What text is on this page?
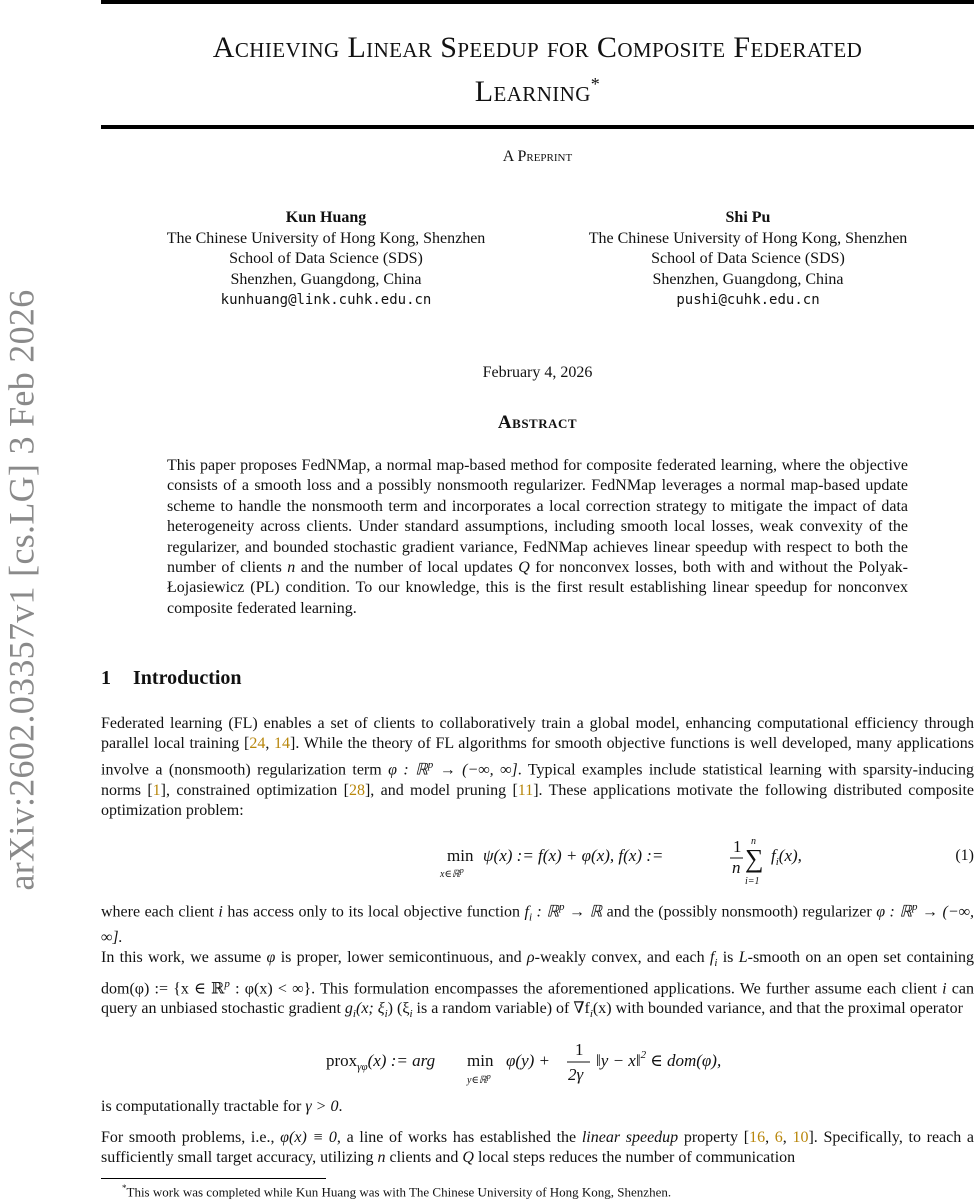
arXiv:2602.03357v1 [cs.LG] 3 Feb 2026
Achieving Linear Speedup for Composite Federated
Learning*
A Preprint
Kun Huang
The Chinese University of Hong Kong, Shenzhen
School of Data Science (SDS)
Shenzhen, Guangdong, China
kunhuang@link.cuhk.edu.cn
Shi Pu
The Chinese University of Hong Kong, Shenzhen
School of Data Science (SDS)
Shenzhen, Guangdong, China
pushi@cuhk.edu.cn
February 4, 2026
Abstract
This paper proposes FedNMap, a normal map-based method for composite federated learning, where the objective consists of a smooth loss and a possibly nonsmooth regularizer. FedNMap leverages a normal map-based update scheme to handle the nonsmooth term and incorporates a local correction strategy to mitigate the impact of data heterogeneity across clients. Under standard assumptions, including smooth local losses, weak convexity of the regularizer, and bounded stochastic gradient variance, FedNMap achieves linear speedup with respect to both the number of clients n and the number of local updates Q for nonconvex losses, both with and without the Polyak-Łojasiewicz (PL) condition. To our knowledge, this is the first result establishing linear speedup for nonconvex composite federated learning.
1 Introduction
Federated learning (FL) enables a set of clients to collaboratively train a global model, enhancing computational efficiency through parallel local training [24, 14]. While the theory of FL algorithms for smooth objective functions is well developed, many applications involve a (nonsmooth) regularization term φ : ℝ$^p$ → (−∞, ∞]. Typical examples include statistical learning with sparsity-inducing norms [1], constrained optimization [28], and model pruning [11]. These applications motivate the following distributed composite optimization problem:
min
x∈ℝ$^p$
ψ(x) := f(x) + φ(x), f(x) :=	1
n
n
∑
i=1
$f_i(x)$,	(1)
where each client i has access only to its local objective function $f_i$ : ℝ$^p$ → ℝ and the (possibly nonsmooth) regularizer φ : ℝ$^p$ → (−∞, ∞].
In this work, we assume φ is proper, lower semicontinuous, and ρ-weakly convex, and each $f_i$ is L-smooth on an open set containing dom(φ) := {x ∈ ℝ$^p$ : φ(x) < ∞}. This formulation encompasses the aforementioned applications. We further assume each client i can query an unbiased stochastic gradient $g_i(x$; $\xi_i$) ($\xi_i$ is a random variable) of $\nabla f_i(x)$ with bounded variance, and that the proximal operator
prox$_{\gamma\varphi}$(x) := arg min
y∈ℝ$^p$
φ(y) +
1
2γ
‖y − x‖$^2$ ∈ dom(φ),
is computationally tractable for γ > 0.
For smooth problems, i.e., φ(x) ≡ 0, a line of works has established the linear speedup property [16, 6, 10]. Specifically, to reach a sufficiently small target accuracy, utilizing n clients and Q local steps reduces the number of communication
*This work was completed while Kun Huang was with The Chinese University of Hong Kong, Shenzhen.
